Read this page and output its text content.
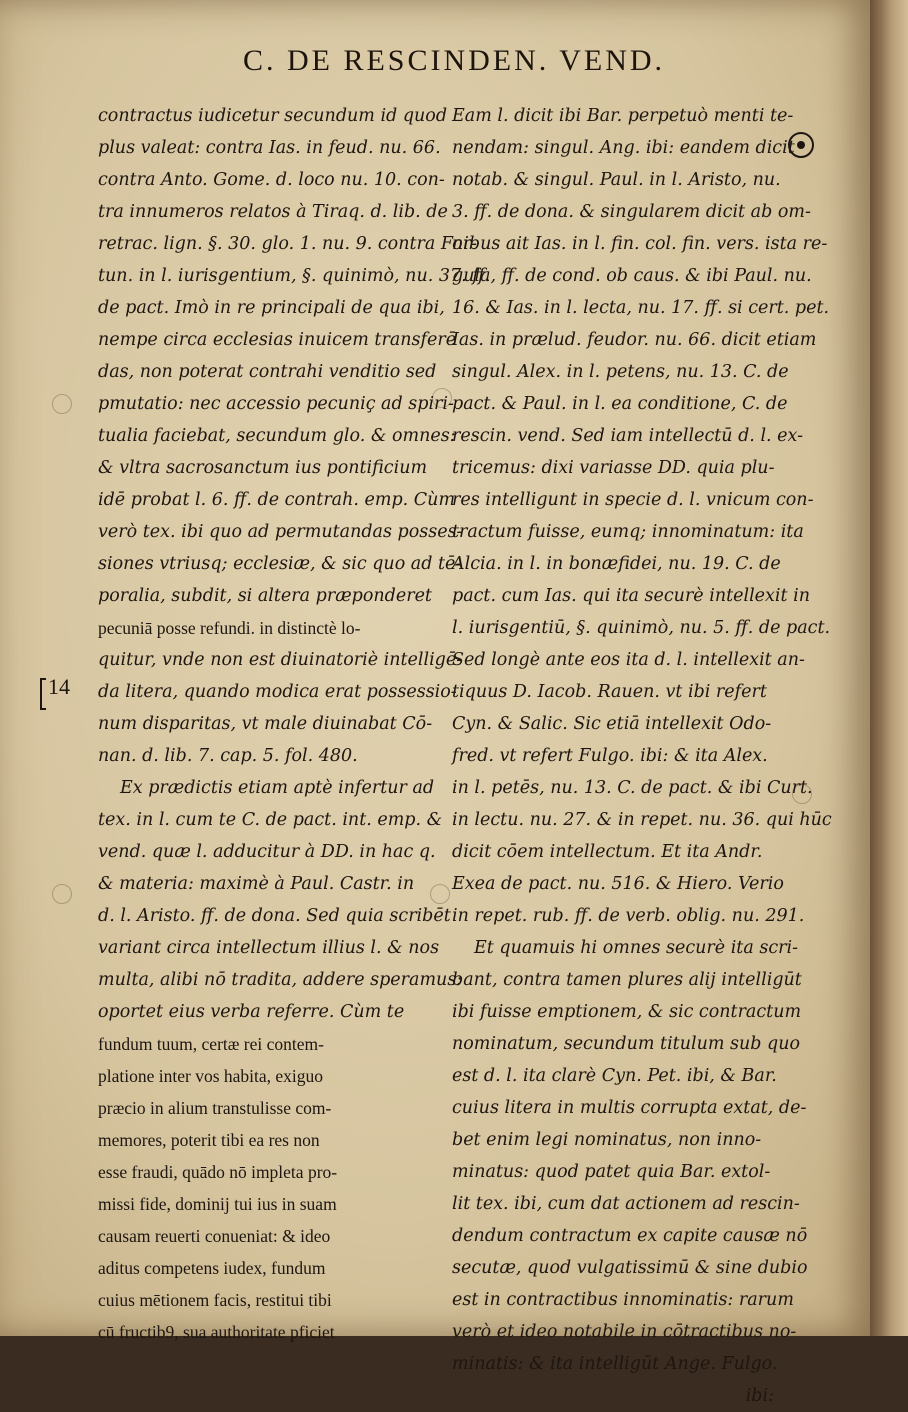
C. DE RESCINDEN. VEND.
14
contractus iudicetur secundum id quod
plus valeat: contra Ias. in feud. nu. 66.
contra Anto. Gome. d. loco nu. 10. con-
tra innumeros relatos à Tiraq. d. lib. de
retrac. lign. §. 30. glo. 1. nu. 9. contra For-
tun. in l. iurisgentium, §. quinimò, nu. 37. ff.
de pact. Imò in re principali de qua ibi,
nempe circa ecclesias inuicem transferē
das, non poterat contrahi venditio sed
pmutatio: nec accessio pecuniç ad spiri-
tualia faciebat, secundum glo. & omnes:
& vltra sacrosanctum ius pontificium
idē probat l. 6. ff. de contrah. emp. Cùm
verò tex. ibi quo ad permutandas posses-
siones vtriusq; ecclesiæ, & sic quo ad tē-
poralia, subdit, si altera præponderet
pecuniā posse refundi. in distinctè lo-
quitur, vnde non est diuinatoriè intelligē-
da litera, quando modica erat possessio-
num disparitas, vt male diuinabat Cō-
nan. d. lib. 7. cap. 5. fol. 480.
Ex prædictis etiam aptè infertur ad
tex. in l. cum te C. de pact. int. emp. &
vend. quæ l. adducitur à DD. in hac q.
& materia: maximè à Paul. Castr. in
d. l. Aristo. ff. de dona. Sed quia scribēt
variant circa intellectum illius l. & nos
multa, alibi nō tradita, addere speramus:
oportet eius verba referre. Cùm te
fundum tuum, certæ rei contem-
platione inter vos habita, exiguo
præcio in alium transtulisse com-
memores, poterit tibi ea res non
esse fraudi, quādo nō impleta pro-
missi fide, dominij tui ius in suam
causam reuerti conueniat: & ideo
aditus competens iudex, fundum
cuius mētionem facis, restitui tibi
cū fructib9, sua authoritate pficiet
Eam l. dicit ibi Bar. perpetuò menti te-
nendam: singul. Ang. ibi: eandem dicit
notab. & singul. Paul. in l. Aristo, nu.
3. ff. de dona. & singularem dicit ab om-
nibus ait Ias. in l. fin. col. fin. vers. ista re-
gula, ff. de cond. ob caus. & ibi Paul. nu.
16. & Ias. in l. lecta, nu. 17. ff. si cert. pet.
Ias. in prælud. feudor. nu. 66. dicit etiam
singul. Alex. in l. petens, nu. 13. C. de
pact. & Paul. in l. ea conditione, C. de
rescin. vend. Sed iam intellectū d. l. ex-
tricemus: dixi variasse DD. quia plu-
res intelligunt in specie d. l. vnicum con-
tractum fuisse, eumq; innominatum: ita
Alcia. in l. in bonæfidei, nu. 19. C. de
pact. cum Ias. qui ita securè intellexit in
l. iurisgentiū, §. quinimò, nu. 5. ff. de pact.
Sed longè ante eos ita d. l. intellexit an-
tiquus D. Iacob. Rauen. vt ibi refert
Cyn. & Salic. Sic etiā intellexit Odo-
fred. vt refert Fulgo. ibi: & ita Alex.
in l. petēs, nu. 13. C. de pact. & ibi Curt.
in lectu. nu. 27. & in repet. nu. 36. qui hūc
dicit cōem intellectum. Et ita Andr.
Exea de pact. nu. 516. & Hiero. Verio
in repet. rub. ff. de verb. oblig. nu. 291.
Et quamuis hi omnes securè ita scri-
bant, contra tamen plures alij intelligūt
ibi fuisse emptionem, & sic contractum
nominatum, secundum titulum sub quo
est d. l. ita clarè Cyn. Pet. ibi, & Bar.
cuius litera in multis corrupta extat, de-
bet enim legi nominatus, non inno-
minatus: quod patet quia Bar. extol-
lit tex. ibi, cum dat actionem ad rescin-
dendum contractum ex capite causæ nō
secutæ, quod vulgatissimū & sine dubio
est in contractibus innominatis: rarum
verò et ideo notabile in cōtractibus no-
minatis: & ita intelligūt Ange. Fulgo.
ibi:
